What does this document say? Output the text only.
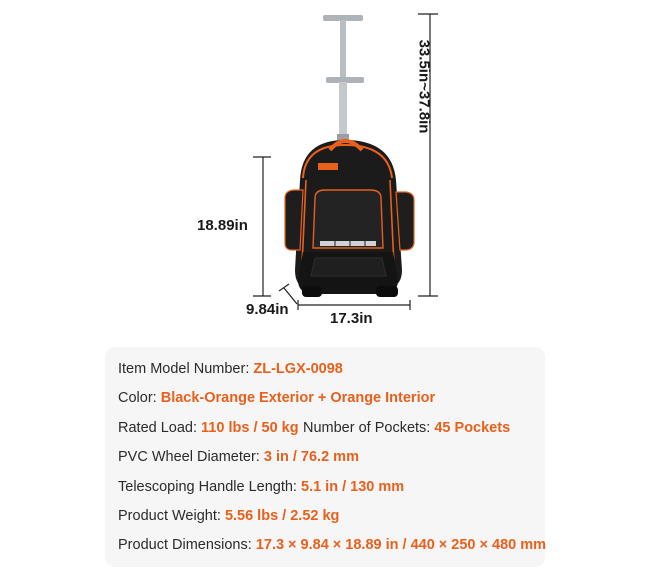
18.89in
9.84in
17.3in
33.5in~37.8in
Item Model Number: ZL-LGX-0098
Color: Black-Orange Exterior + Orange Interior
Rated Load: 110 lbs / 50 kg Number of Pockets: 45 Pockets
PVC Wheel Diameter: 3 in / 76.2 mm
Telescoping Handle Length: 5.1 in / 130 mm
Product Weight: 5.56 lbs / 2.52 kg
Product Dimensions: 17.3 × 9.84 × 18.89 in / 440 × 250 × 480 mm
